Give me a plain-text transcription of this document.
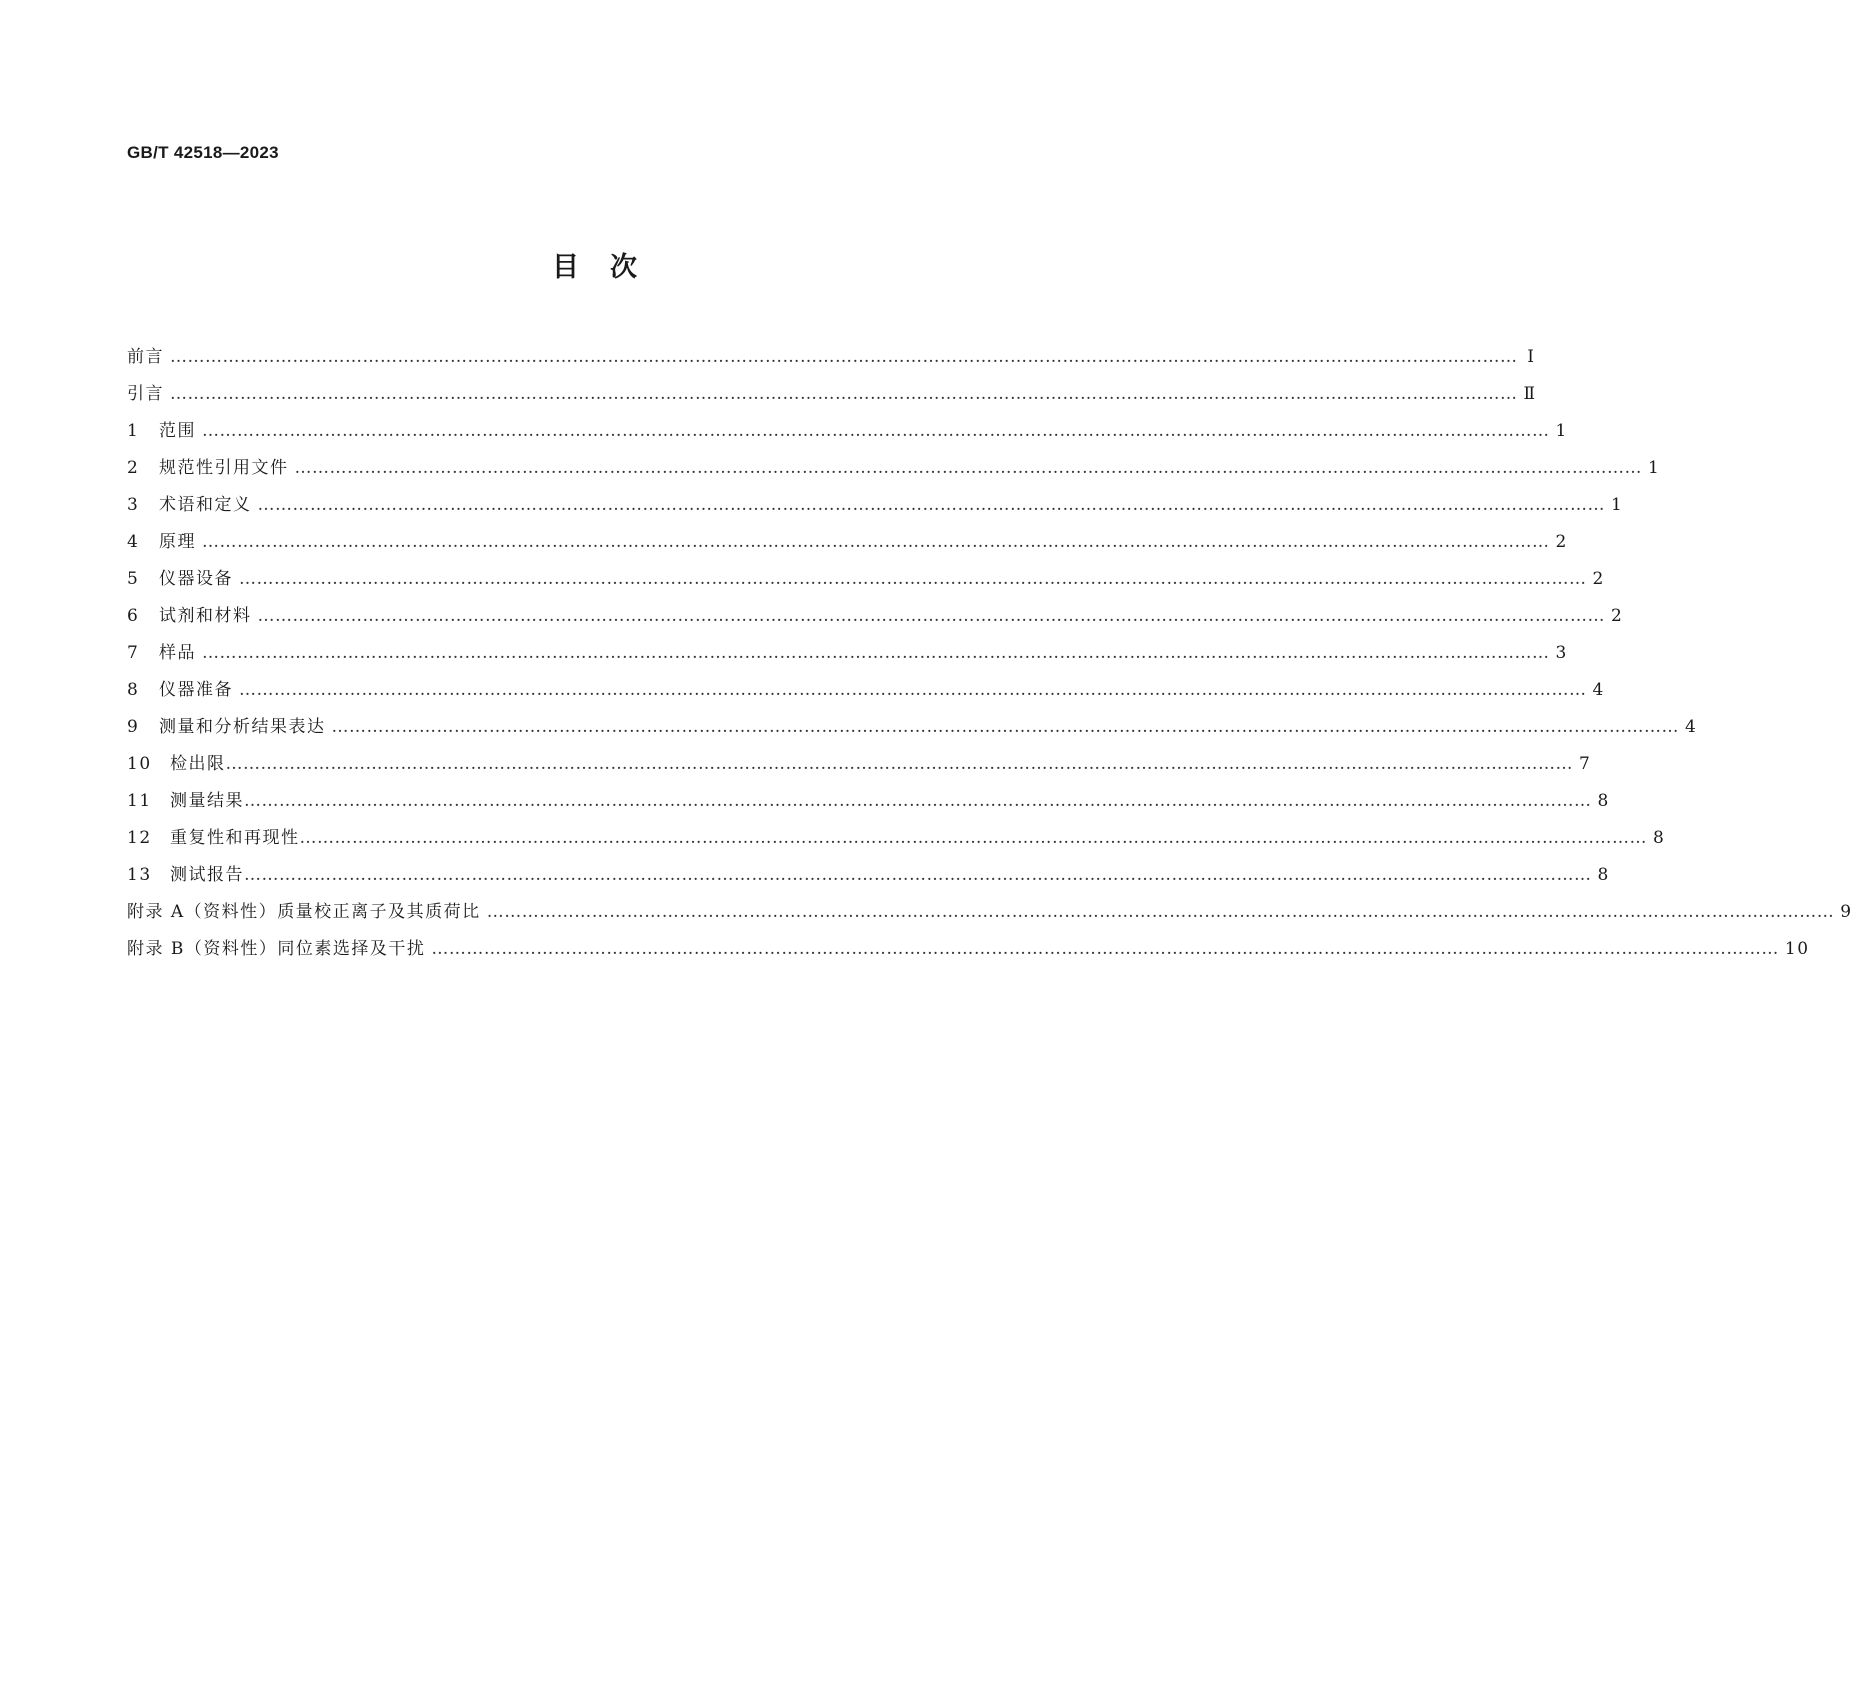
GB/T 42518—2023
目　次
前言 …………………………………………………………………………………………………………………………………………………………………………………………………………… Ⅰ
引言 …………………………………………………………………………………………………………………………………………………………………………………………………………… Ⅱ
1	范围 …………………………………………………………………………………………………………………………………………………………………………………………………………… 1
2	规范性引用文件 …………………………………………………………………………………………………………………………………………………………………………………………………………… 1
3	术语和定义 …………………………………………………………………………………………………………………………………………………………………………………………………………… 1
4	原理 …………………………………………………………………………………………………………………………………………………………………………………………………………… 2
5	仪器设备 …………………………………………………………………………………………………………………………………………………………………………………………………………… 2
6	试剂和材料 …………………………………………………………………………………………………………………………………………………………………………………………………………… 2
7	样品 …………………………………………………………………………………………………………………………………………………………………………………………………………… 3
8	仪器准备 …………………………………………………………………………………………………………………………………………………………………………………………………………… 4
9	测量和分析结果表达 …………………………………………………………………………………………………………………………………………………………………………………………………………… 4
10	检出限 …………………………………………………………………………………………………………………………………………………………………………………………………………… 7
11	测量结果 …………………………………………………………………………………………………………………………………………………………………………………………………………… 8
12	重复性和再现性 …………………………………………………………………………………………………………………………………………………………………………………………………………… 8
13	测试报告 …………………………………………………………………………………………………………………………………………………………………………………………………………… 8
附录 A（资料性） 质量校正离子及其质荷比 …………………………………………………………………………………………………………………………………………………………………………………………………………… 9
附录 B（资料性） 同位素选择及干扰 …………………………………………………………………………………………………………………………………………………………………………………………………………… 10
